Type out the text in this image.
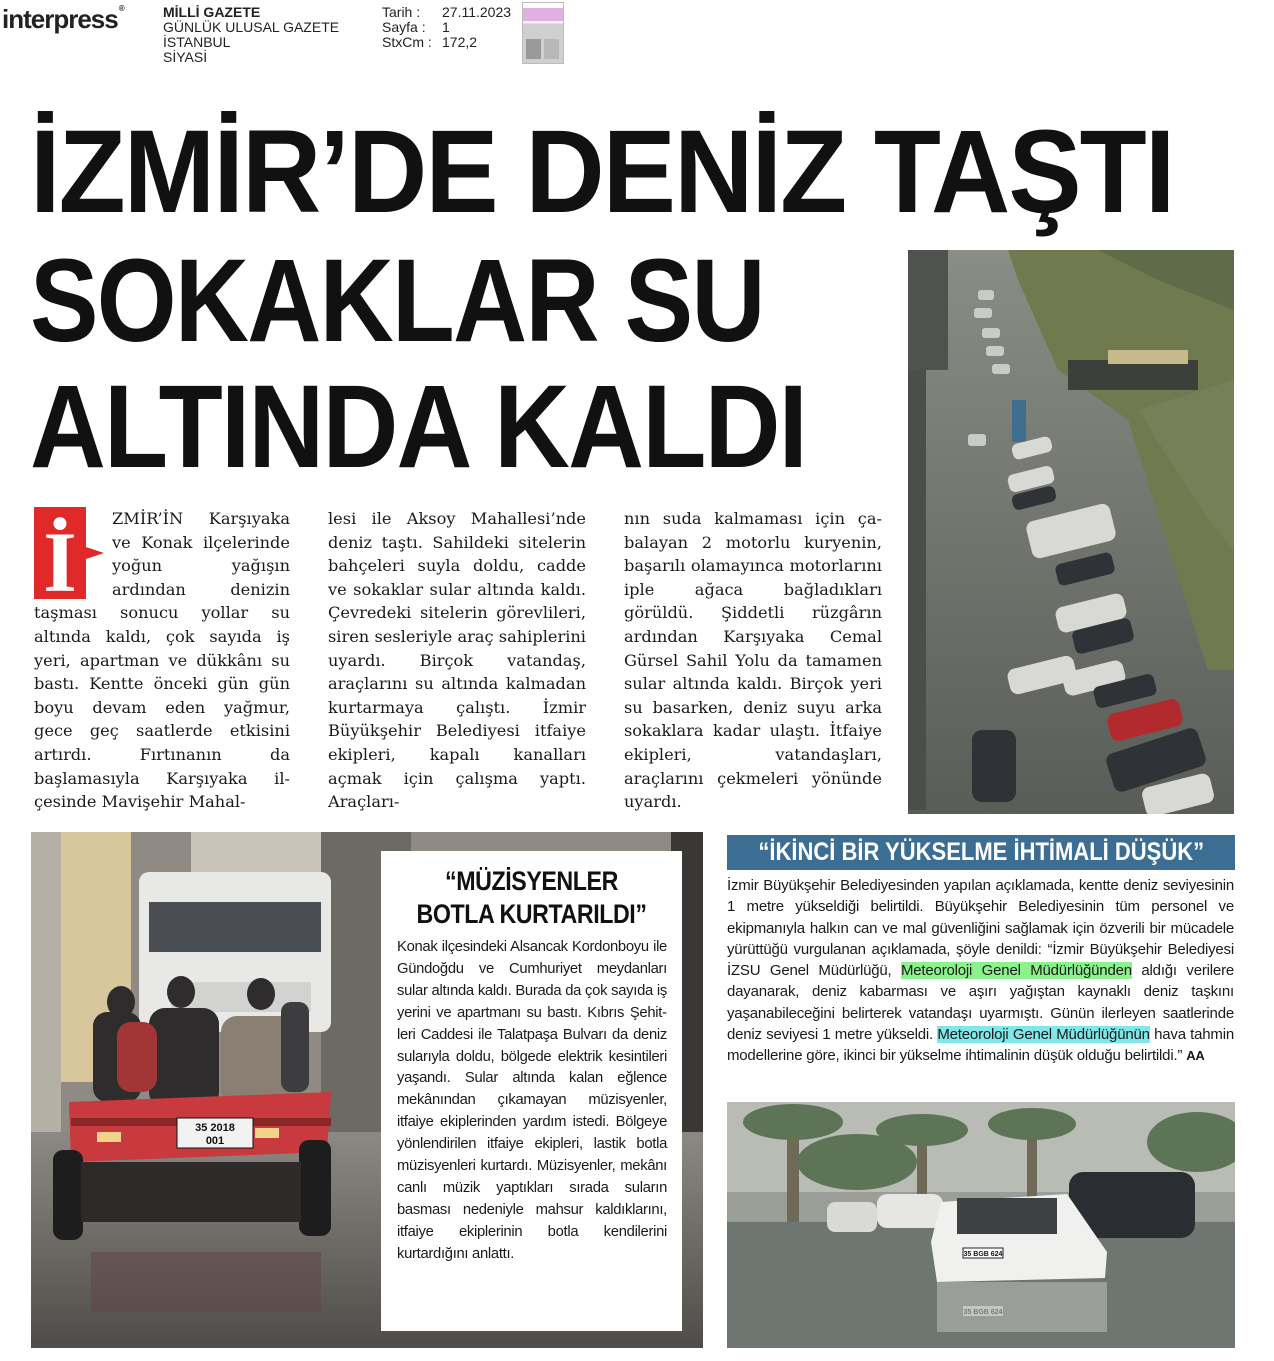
interpress®	MİLLİ GAZETE
GÜNLÜK ULUSAL GAZETE
İSTANBUL
SİYASİ
Tarih :	27.11.2023
Sayfa :	1
StxCm : 172,2
İZMİR’DE DENİZ TAŞTI
SOKAKLAR SU
ALTINDA KALDI
İ	ZMİR’İN Karşıyaka ve Konak ilçelerinde yoğun yağışın ardından denizin taşması sonucu yollar su altında kaldı, çok sayıda iş yeri, apartman ve dükkânı su bastı. Kentte önceki gün gün boyu devam eden yağmur, gece geç saatlerde etkisini artırdı. Fırtınanın da başlamasıyla Karşıyaka ilçesinde Mavişehir Mahal-

lesi ile Aksoy Mahallesi’nde deniz taştı. Sahildeki sitelerin bahçeleri suyla doldu, cadde ve sokaklar sular altında kaldı. Çevredeki sitelerin görevlileri, siren sesleriyle araç sahiplerini uyardı. Birçok vatandaş, araçlarını su altında kalmadan kurtarmaya çalıştı. İzmir Büyükşehir Belediyesi itfaiye ekipleri, kapalı kanalları açmak için çalışma yaptı. Araçları-

nın suda kalmaması için çabalayan 2 motorlu kuryenin, başarılı olamayınca motorlarını iple ağaca bağladıkları görüldü. Şiddetli rüzgârın ardından Karşıyaka Cemal Gürsel Sahil Yolu da tamamen sular altında kaldı. Birçok yeri su basarken, deniz suyu arka sokaklara kadar ulaştı. İtfaiye ekipleri, vatandaşları, araçlarını çekmeleri yönünde uyardı.

35 2018
001
“MÜZİSYENLER
BOTLA KURTARILDI”
Konak ilçesindeki Alsancak Kordonboyu ile Gündoğdu ve Cumhuriyet meydanları sular altında kaldı. Burada da çok sayıda iş yerini ve apartmanı su bastı. Kıbrıs Şehitleri Caddesi ile Talatpaşa Bulvarı da deniz sularıyla doldu, bölgede elektrik kesintileri yaşandı. Sular altında kalan eğlence mekânından çıkamayan müzisyenler, itfaiye ekiplerinden yardım istedi. Bölgeye yönlendirilen itfaiye ekipleri, lastik botla müzisyenleri kurtardı. Müzisyenler, mekânı canlı müzik yaptıkları sırada suların basması nedeniyle mahsur kaldıklarını, itfaiye ekiplerinin botla kendilerini kurtardığını anlattı.
“İKİNCİ BİR YÜKSELME İHTİMALİ DÜŞÜK”

İzmir Büyükşehir Belediyesinden yapılan açıklamada, kentte deniz seviyesinin 1 metre yükseldiği belirtildi. Büyükşehir Belediyesinin tüm personel ve ekipmanıyla halkın can ve mal güvenliğini sağlamak için özverili bir mücadele yürüttüğü vurgulanan açıklamada, şöyle denildi: “İzmir Büyükşehir Belediyesi İZSU Genel Müdürlüğü, Meteoroloji Genel Müdürlüğünden aldığı verilere dayanarak, deniz kabarması ve aşırı yağıştan kaynaklı deniz taşkını yaşanabileceğini belirterek vatandaşı uyarmıştı. Günün ilerleyen saatlerinde deniz seviyesi 1 metre yükseldi. Meteoroloji Genel Müdürlüğünün hava tahmin modellerine göre, ikinci bir yükselme ihtimalinin düşük olduğu belirtildi.” AA

35 BGB 624
35 BGB 624
